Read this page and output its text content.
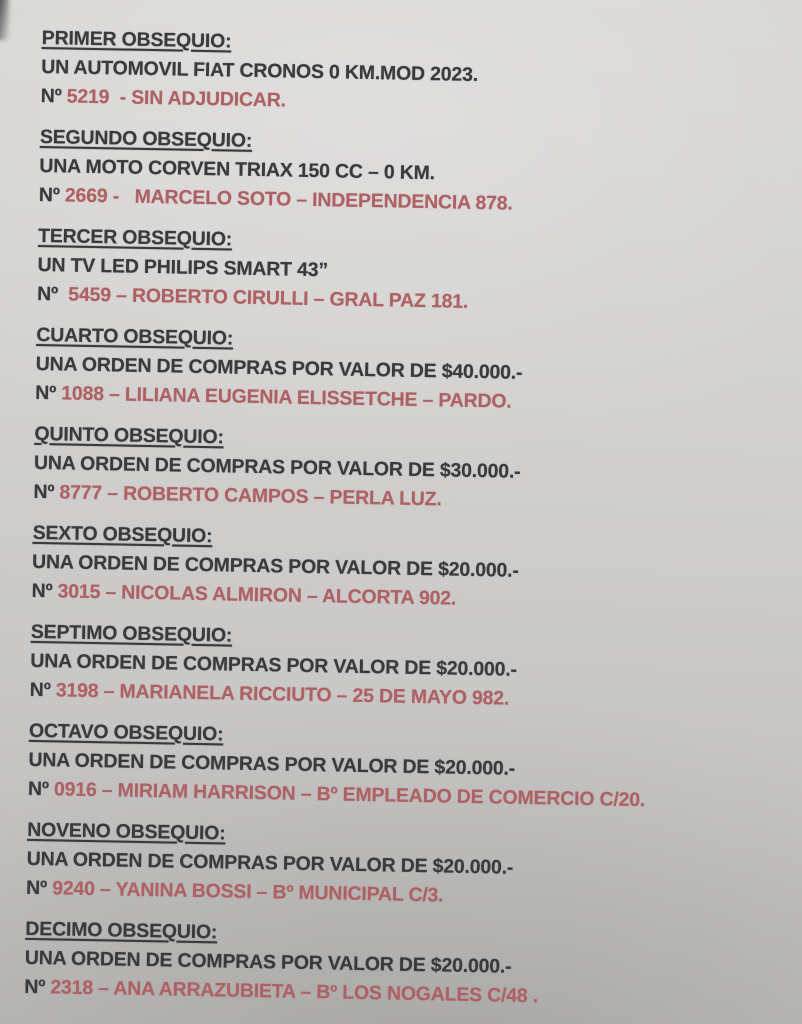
PRIMER OBSEQUIO:

UN AUTOMOVIL FIAT CRONOS 0 KM.MOD 2023.

Nº 5219  - SIN ADJUDICAR.

SEGUNDO OBSEQUIO:

UNA MOTO CORVEN TRIAX 150 CC – 0 KM.

Nº 2669 -   MARCELO SOTO – INDEPENDENCIA 878.

TERCER OBSEQUIO:

UN TV LED PHILIPS SMART 43”

Nº  5459 – ROBERTO CIRULLI – GRAL PAZ 181.

CUARTO OBSEQUIO:

UNA ORDEN DE COMPRAS POR VALOR DE $40.000.-

Nº 1088 – LILIANA EUGENIA ELISSETCHE – PARDO.

QUINTO OBSEQUIO:

UNA ORDEN DE COMPRAS POR VALOR DE $30.000.-

Nº 8777 – ROBERTO CAMPOS – PERLA LUZ.

SEXTO OBSEQUIO:

UNA ORDEN DE COMPRAS POR VALOR DE $20.000.-

Nº 3015 – NICOLAS ALMIRON – ALCORTA 902.

SEPTIMO OBSEQUIO:

UNA ORDEN DE COMPRAS POR VALOR DE $20.000.-

Nº 3198 – MARIANELA RICCIUTO – 25 DE MAYO 982.

OCTAVO OBSEQUIO:

UNA ORDEN DE COMPRAS POR VALOR DE $20.000.-

Nº 0916 – MIRIAM HARRISON – Bº EMPLEADO DE COMERCIO C/20.

NOVENO OBSEQUIO:

UNA ORDEN DE COMPRAS POR VALOR DE $20.000.-

Nº 9240 – YANINA BOSSI – Bº MUNICIPAL C/3.

DECIMO OBSEQUIO:

UNA ORDEN DE COMPRAS POR VALOR DE $20.000.-

Nº 2318 – ANA ARRAZUBIETA – Bº LOS NOGALES C/48 .
